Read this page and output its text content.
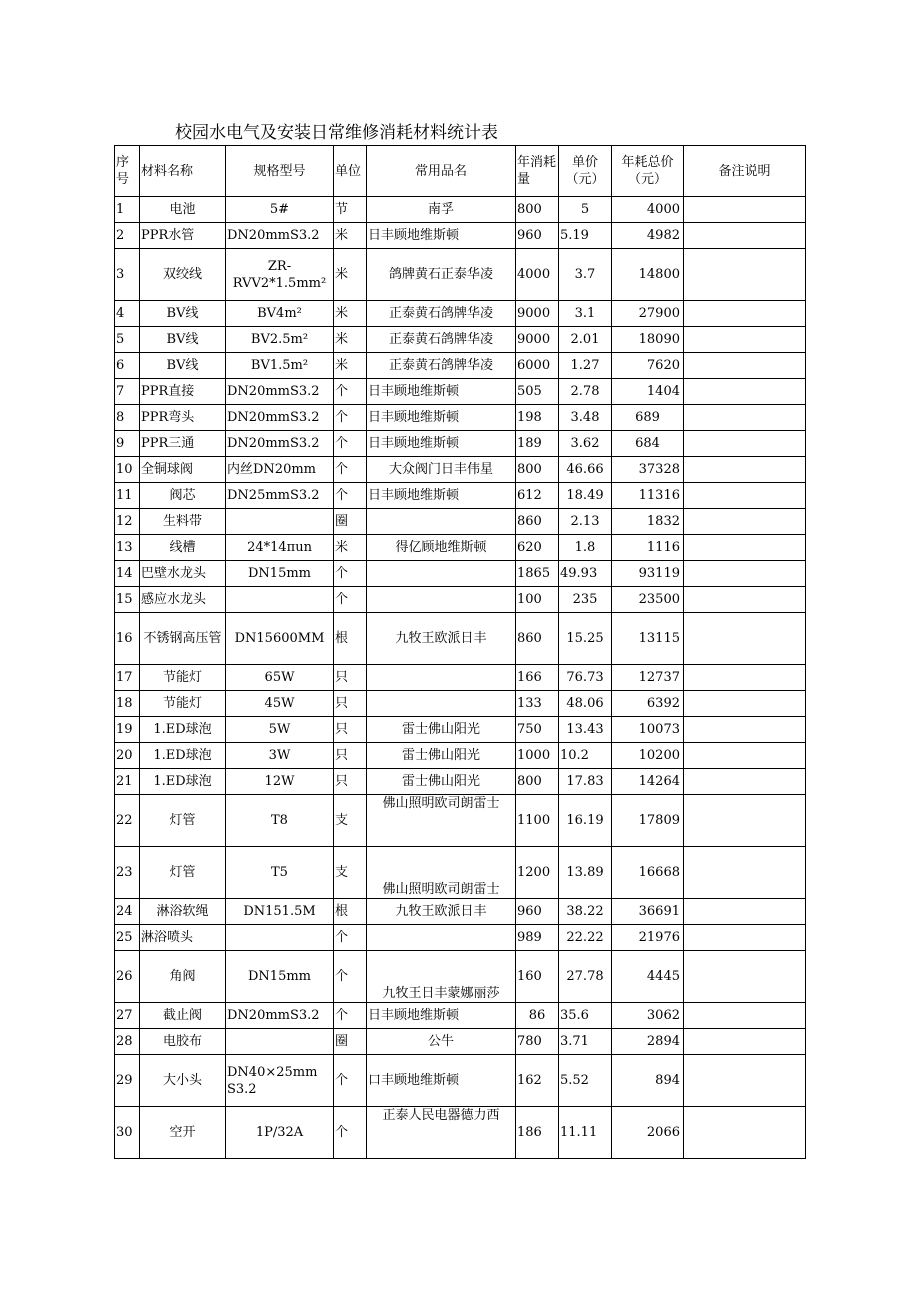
校园水电气及安装日常维修消耗材料统计表
序号	材料名称	规格型号	单位	常用品名	年消耗量	单价（元）	年耗总价（元）	备注说明
1	电池	5#	节	南孚	800	5	4000	
2	PPR水管	DN20mmS3.2	米	日丰顾地维斯顿	960	5.19	4982	
3	双绞线	ZR-RVV2*1.5mm²	米	鸽牌黄石正泰华凌	4000	3.7	14800	
4	BV线	BV4m²	米	正泰黄石鸽牌华凌	9000	3.1	27900	
5	BV线	BV2.5m²	米	正泰黄石鸽牌华凌	9000	2.01	18090	
6	BV线	BV1.5m²	米	正泰黄石鸽牌华凌	6000	1.27	7620	
7	PPR直接	DN20mmS3.2	个	日丰顾地维斯顿	505	2.78	1404	
8	PPR弯头	DN20mmS3.2	个	日丰顾地维斯顿	198	3.48	689	
9	PPR三通	DN20mmS3.2	个	日丰顾地维斯顿	189	3.62	684	
10	全铜球阀	内丝DN20mm	个	大众阀门日丰伟星	800	46.66	37328	
11	阀芯	DN25mmS3.2	个	日丰顾地维斯顿	612	18.49	11316	
12	生料带		圈		860	2.13	1832	
13	线槽	24*14πun	米	得亿顾地维斯顿	620	1.8	1116	
14	巴壁水龙头	DN15mm	个		1865	49.93	93119	
15	感应水龙头		个		100	235	23500	
16	不锈钢高压管	DN15600MM	根	九牧王欧派日丰	860	15.25	13115	
17	节能灯	65W	只		166	76.73	12737	
18	节能灯	45W	只		133	48.06	6392	
19	1.ED球泡	5W	只	雷士佛山阳光	750	13.43	10073	
20	1.ED球泡	3W	只	雷士佛山阳光	1000	10.2	10200	
21	1.ED球泡	12W	只	雷士佛山阳光	800	17.83	14264	
22	灯管	T8	支	佛山照明欧司朗雷士	1100	16.19	17809	
23	灯管	T5	支	佛山照明欧司朗雷士	1200	13.89	16668	
24	淋浴软绳	DN151.5M	根	九牧王欧派日丰	960	38.22	36691	
25	淋浴喷头		个		989	22.22	21976	
26	角阀	DN15mm	个	九牧王日丰蒙娜丽莎	160	27.78	4445	
27	截止阀	DN20mmS3.2	个	日丰顾地维斯顿	86	35.6	3062	
28	电胶布		圈	公牛	780	3.71	2894	
29	大小头	DN40×25mm S3.2	个	口丰顾地维斯顿	162	5.52	894	
30	空开	1P/32A	个	正泰人民电器德力西	186	11.11	2066	
